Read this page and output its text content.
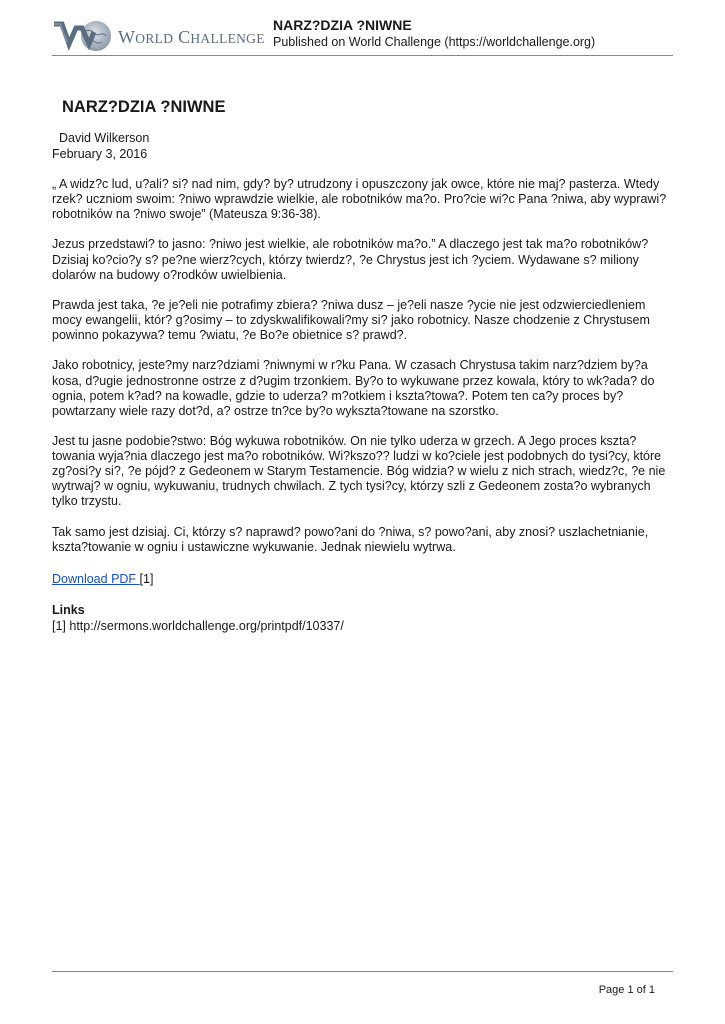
WORLD CHALLENGE
NARZ?DZIA ?NIWNE
Published on World Challenge (https://worldchallenge.org)
NARZ?DZIA ?NIWNE
David Wilkerson
February 3, 2016

„ A widz?c lud, u?ali? si? nad nim, gdy? by? utrudzony i opuszczony jak owce, które nie maj? pasterza. Wtedy rzek? uczniom swoim: ?niwo wprawdzie wielkie, ale robotników ma?o. Pro?cie wi?c Pana ?niwa, aby wyprawi? robotników na ?niwo swoje” (Mateusza 9:36-38).

Jezus przedstawi? to jasno: ?niwo jest wielkie, ale robotników ma?o.” A dlaczego jest tak ma?o robotników? Dzisiaj ko?cio?y s? pe?ne wierz?cych, którzy twierdz?, ?e Chrystus jest ich ?yciem. Wydawane s? miliony dolarów na budowy o?rodków uwielbienia.

Prawda jest taka, ?e je?eli nie potrafimy zbiera? ?niwa dusz – je?eli nasze ?ycie nie jest odzwierciedleniem mocy ewangelii, któr? g?osimy – to zdyskwalifikowali?my si? jako robotnicy. Nasze chodzenie z Chrystusem powinno pokazywa? temu ?wiatu, ?e Bo?e obietnice s? prawd?.

Jako robotnicy, jeste?my narz?dziami ?niwnymi w r?ku Pana. W czasach Chrystusa takim narz?dziem by?a kosa, d?ugie jednostronne ostrze z d?ugim trzonkiem. By?o to wykuwane przez kowala, który to wk?ada? do ognia, potem k?ad? na kowadle, gdzie to uderza? m?otkiem i kszta?towa?. Potem ten ca?y proces by? powtarzany wiele razy dot?d, a? ostrze tn?ce by?o wykszta?towane na szorstko.

Jest tu jasne podobie?stwo: Bóg wykuwa robotników. On nie tylko uderza w grzech. A Jego proces kszta?towania wyja?nia dlaczego jest ma?o robotników. Wi?kszo?? ludzi w ko?ciele jest podobnych do tysi?cy, które zg?osi?y si?, ?e pójd? z Gedeonem w Starym Testamencie. Bóg widzia? w wielu z nich strach, wiedz?c, ?e nie wytrwaj? w ogniu, wykuwaniu, trudnych chwilach. Z tych tysi?cy, którzy szli z Gedeonem zosta?o wybranych tylko trzystu.

Tak samo jest dzisiaj. Ci, którzy s? naprawd? powo?ani do ?niwa, s? powo?ani, aby znosi? uszlachetnianie, kszta?towanie w ogniu i ustawiczne wykuwanie. Jednak niewielu wytrwa.

Download PDF [1]
Links
[1] http://sermons.worldchallenge.org/printpdf/10337/
Page 1 of 1
